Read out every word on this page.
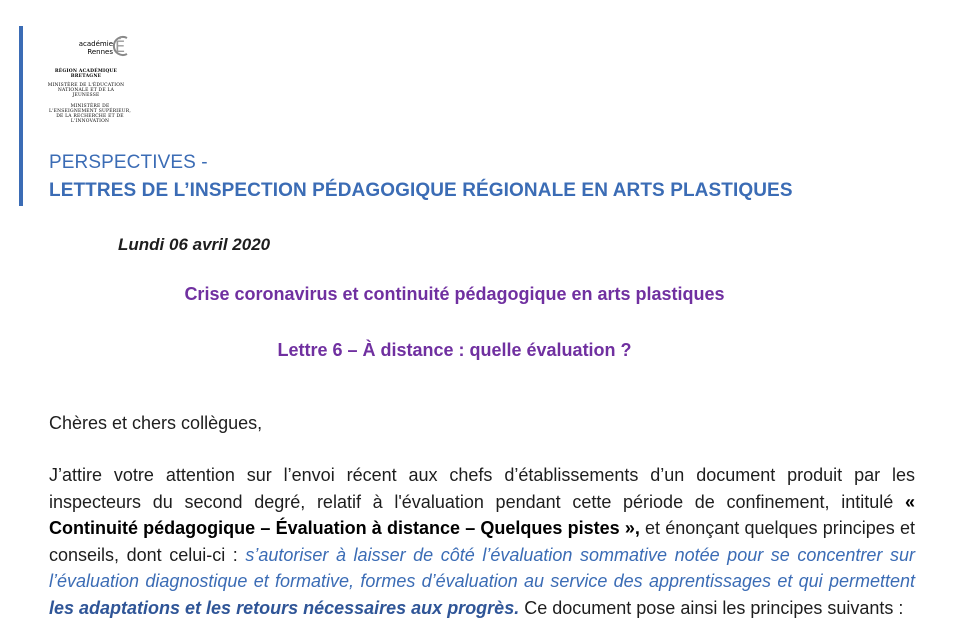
académie
Rennes É
RÉGION ACADÉMIQUE BRETAGNE
MINISTÈRE DE L'ÉDUCATION NATIONALE ET DE LA JEUNESSE
MINISTÈRE DE L'ENSEIGNEMENT SUPÉRIEUR, DE LA RECHERCHE ET DE L'INNOVATION
PERSPECTIVES -
LETTRES DE L’INSPECTION PÉDAGOGIQUE RÉGIONALE EN ARTS PLASTIQUES
Lundi 06 avril 2020
Crise coronavirus et continuité pédagogique en arts plastiques
Lettre 6 – À distance : quelle évaluation ?
Chères et chers collègues,
J’attire votre attention sur l’envoi récent aux chefs d’établissements d’un document produit par les inspecteurs du second degré, relatif à l'évaluation pendant cette période de confinement, intitulé « Continuité pédagogique – Évaluation à distance – Quelques pistes », et énonçant quelques principes et conseils, dont celui-ci : s’autoriser à laisser de côté l’évaluation sommative notée pour se concentrer sur l’évaluation diagnostique et formative, formes d’évaluation au service des apprentissages et qui permettent les adaptations et les retours nécessaires aux progrès. Ce document pose ainsi les principes suivants :
